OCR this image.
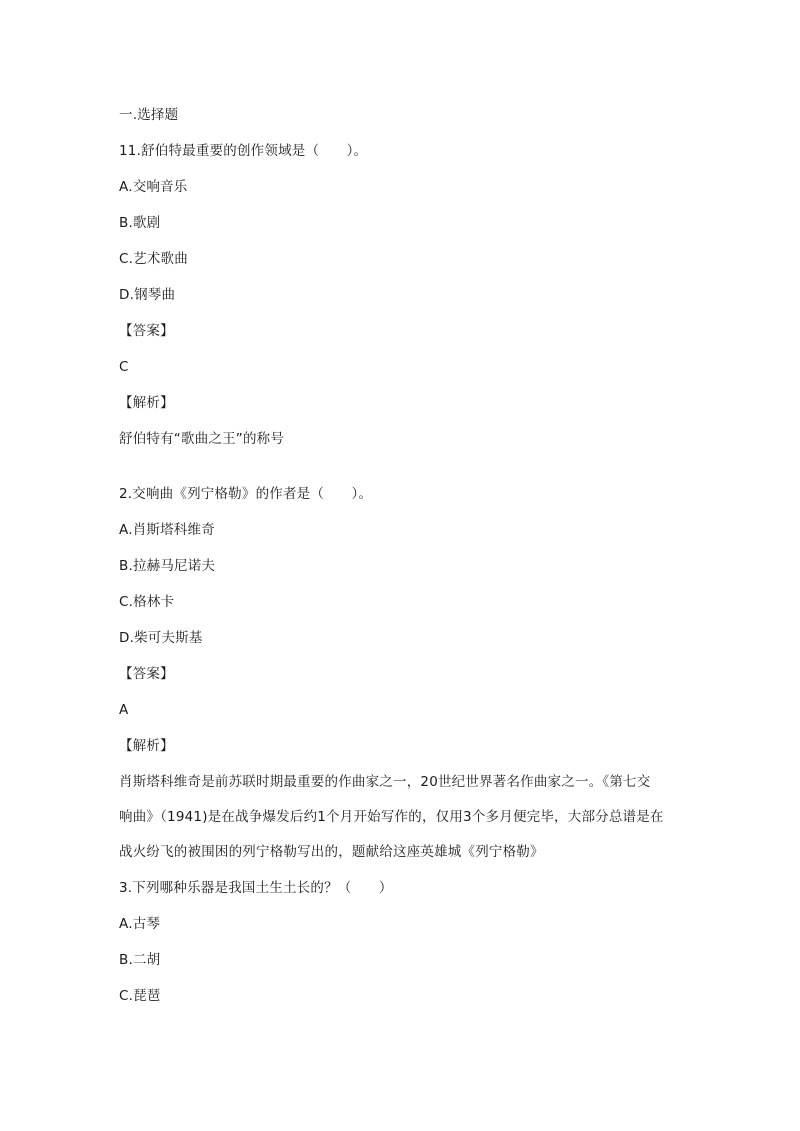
一.选择题
11.舒伯特最重要的创作领域是（　　）。
A.交响音乐
B.歌剧
C.艺术歌曲
D.钢琴曲
【答案】
C
【解析】
舒伯特有“歌曲之王”的称号
2.交响曲《列宁格勒》的作者是（　　）。
A.肖斯塔科维奇
B.拉赫马尼诺夫
C.格林卡
D.柴可夫斯基
【答案】
A
【解析】
肖斯塔科维奇是前苏联时期最重要的作曲家之一，20世纪世界著名作曲家之一。《第七交
响曲》（1941)是在战争爆发后约1个月开始写作的，仅用3个多月便完毕，大部分总谱是在
战火纷飞的被围困的列宁格勒写出的，题献给这座英雄城《列宁格勒》
3.下列哪种乐器是我国土生土长的？（　　）
A.古琴
B.二胡
C.琵琶
